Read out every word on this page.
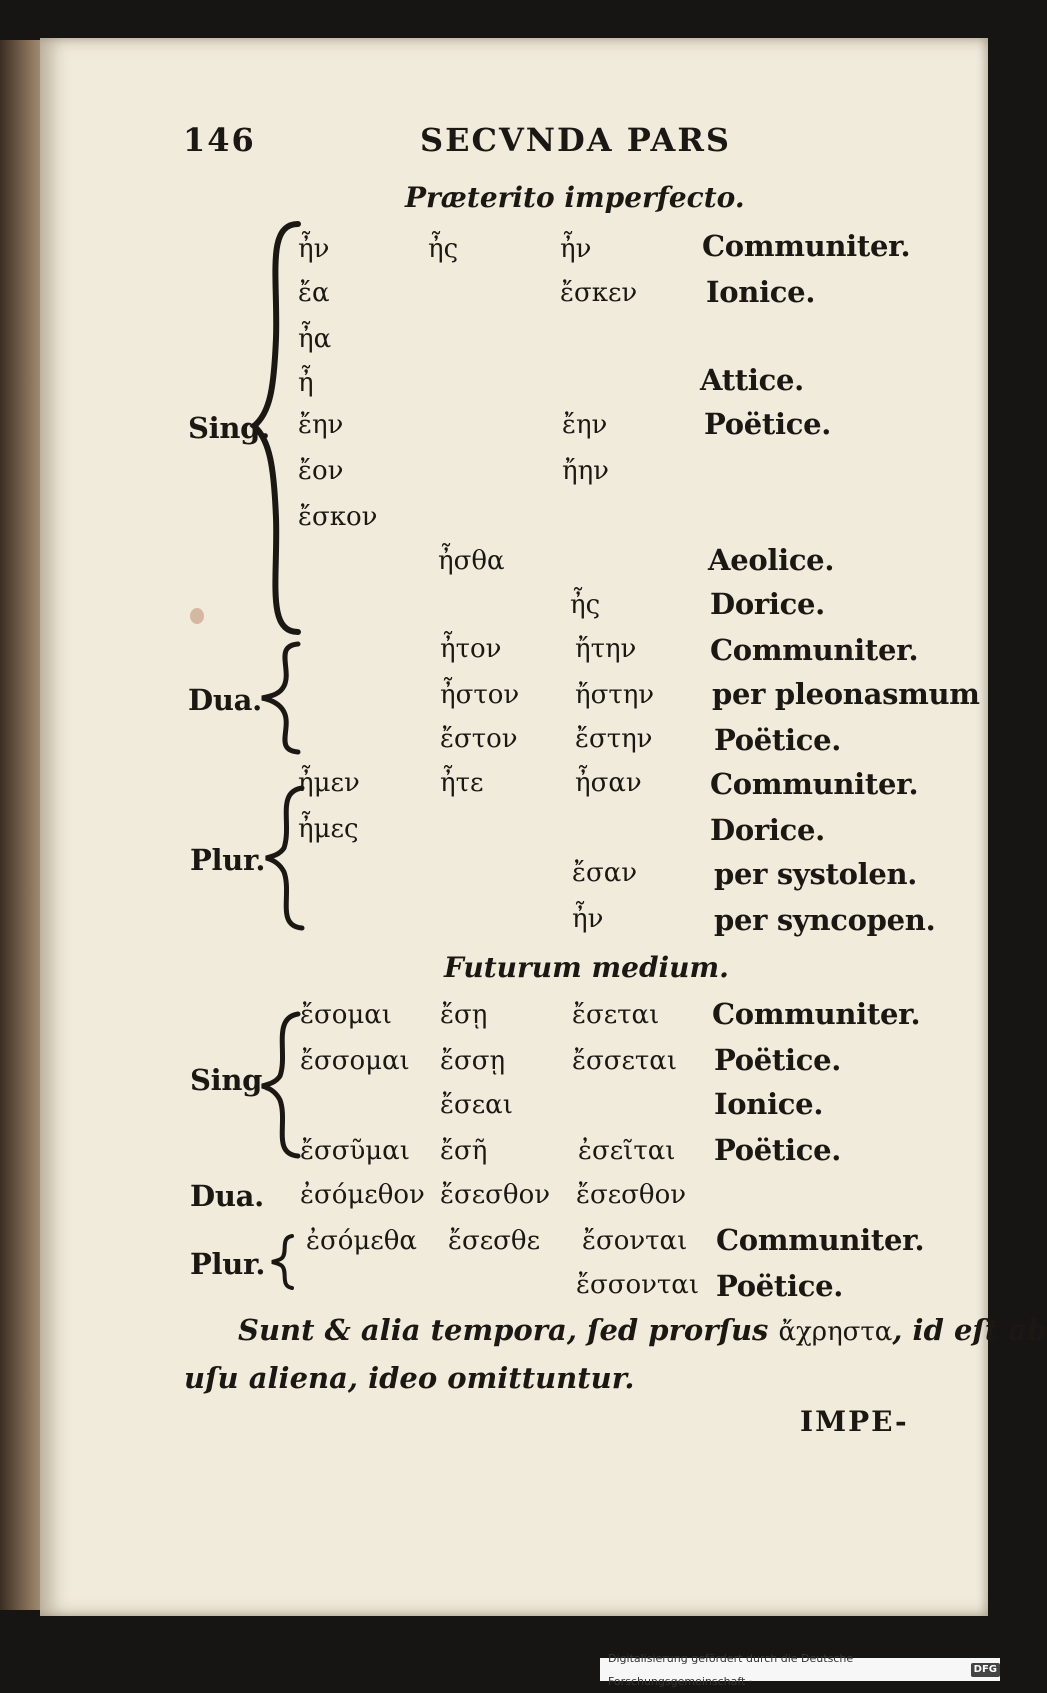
146	SECVNDA PARS
Præterito imperfecto.
ἦν
ἔα
ἦα
ἦ
ἔην
ἔον
ἔσκον
ἦμεν
ἦμες
ἦς
ἦσθα
ἦτον
ἦστον
ἔστον
ἦτε
ἦν
ἔσκεν
ἔην
ἤην
ἦς
ἤτην
ἤστην
ἔστην
ἦσαν
ἔσαν
ἦν
Communiter.
Ionice.
Attice.
Poëtice.
Aeolice.
Dorice.
Communiter.
per pleonasmum
Poëtice.
Communiter.
Dorice.
per systolen.
per syncopen.
Sing.
Dua.
Plur.
Futurum medium.
ἔσομαι
ἔσσομαι
ἔσσῦμαι
ἐσόμεθον
ἐσόμεθα
ἔσῃ
ἔσσῃ
ἔσεαι
ἔσῆ
ἔσεσθον
ἔσεσθε
ἔσεται
ἔσσεται
ἐσεῖται
ἔσεσθον
ἔσονται
ἔσσονται
Communiter.
Poëtice.
Ionice.
Poëtice.
Communiter.
Poëtice.
Sing.
Dua.
Plur.
Sunt & alia tempora, ſed prorſus ἄχρηστα, id eſt ab
uſu aliena, ideo omittuntur.
IMPE-
Digitalisierung gefördert durch die Deutsche Forschungsgemeinschaft ·
DFG
